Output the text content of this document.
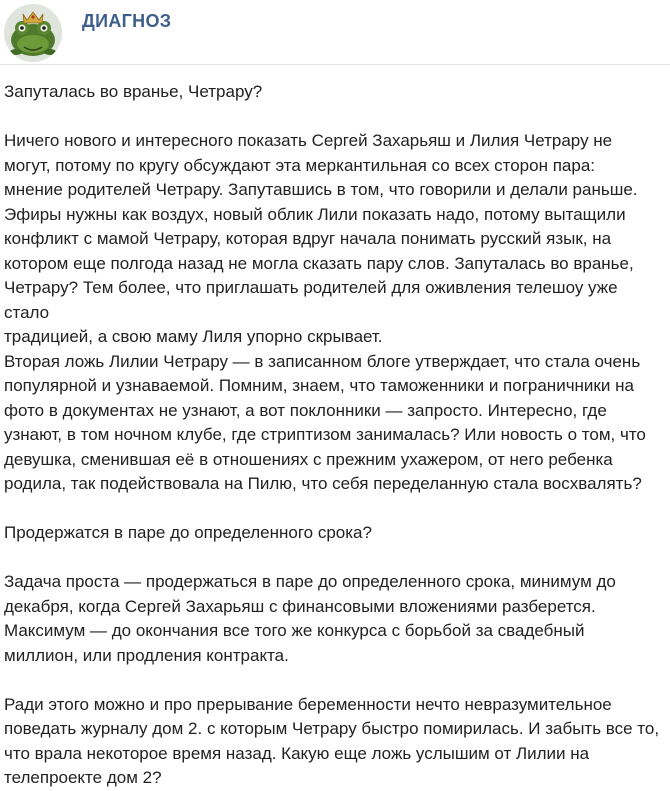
ДИАГНОЗ

Запуталась во вранье, Четрару?

Ничего нового и интересного показать Сергей Захарьяш и Лилия Четрару не
могут, потому по кругу обсуждают эта меркантильная со всех сторон пара:
мнение родителей Четрару. Запутавшись в том, что говорили и делали раньше.
Эфиры нужны как воздух, новый облик Лили показать надо, потому вытащили
конфликт с мамой Четрару, которая вдруг начала понимать русский язык, на
котором еще полгода назад не могла сказать пару слов. Запуталась во вранье,
Четрару? Тем более, что приглашать родителей для оживления телешоу уже стало
традицией, а свою маму Лиля упорно скрывает.
Вторая ложь Лилии Четрару — в записанном блоге утверждает, что стала очень
популярной и узнаваемой. Помним, знаем, что таможенники и пограничники на
фото в документах не узнают, а вот поклонники — запросто. Интересно, где
узнают, в том ночном клубе, где стриптизом занималась? Или новость о том, что
девушка, сменившая её в отношениях с прежним ухажером, от него ребенка
родила, так подействовала на Пилю, что себя переделанную стала восхвалять?

Продержатся в паре до определенного срока?

Задача проста — продержаться в паре до определенного срока, минимум до
декабря, когда Сергей Захарьяш с финансовыми вложениями разберется.
Максимум — до окончания все того же конкурса с борьбой за свадебный
миллион, или продления контракта.

Ради этого можно и про прерывание беременности нечто невразумительное
поведать журналу дом 2. с которым Четрару быстро помирилась. И забыть все то,
что врала некоторое время назад. Какую еще ложь услышим от Лилии на
телепроекте дом 2?
